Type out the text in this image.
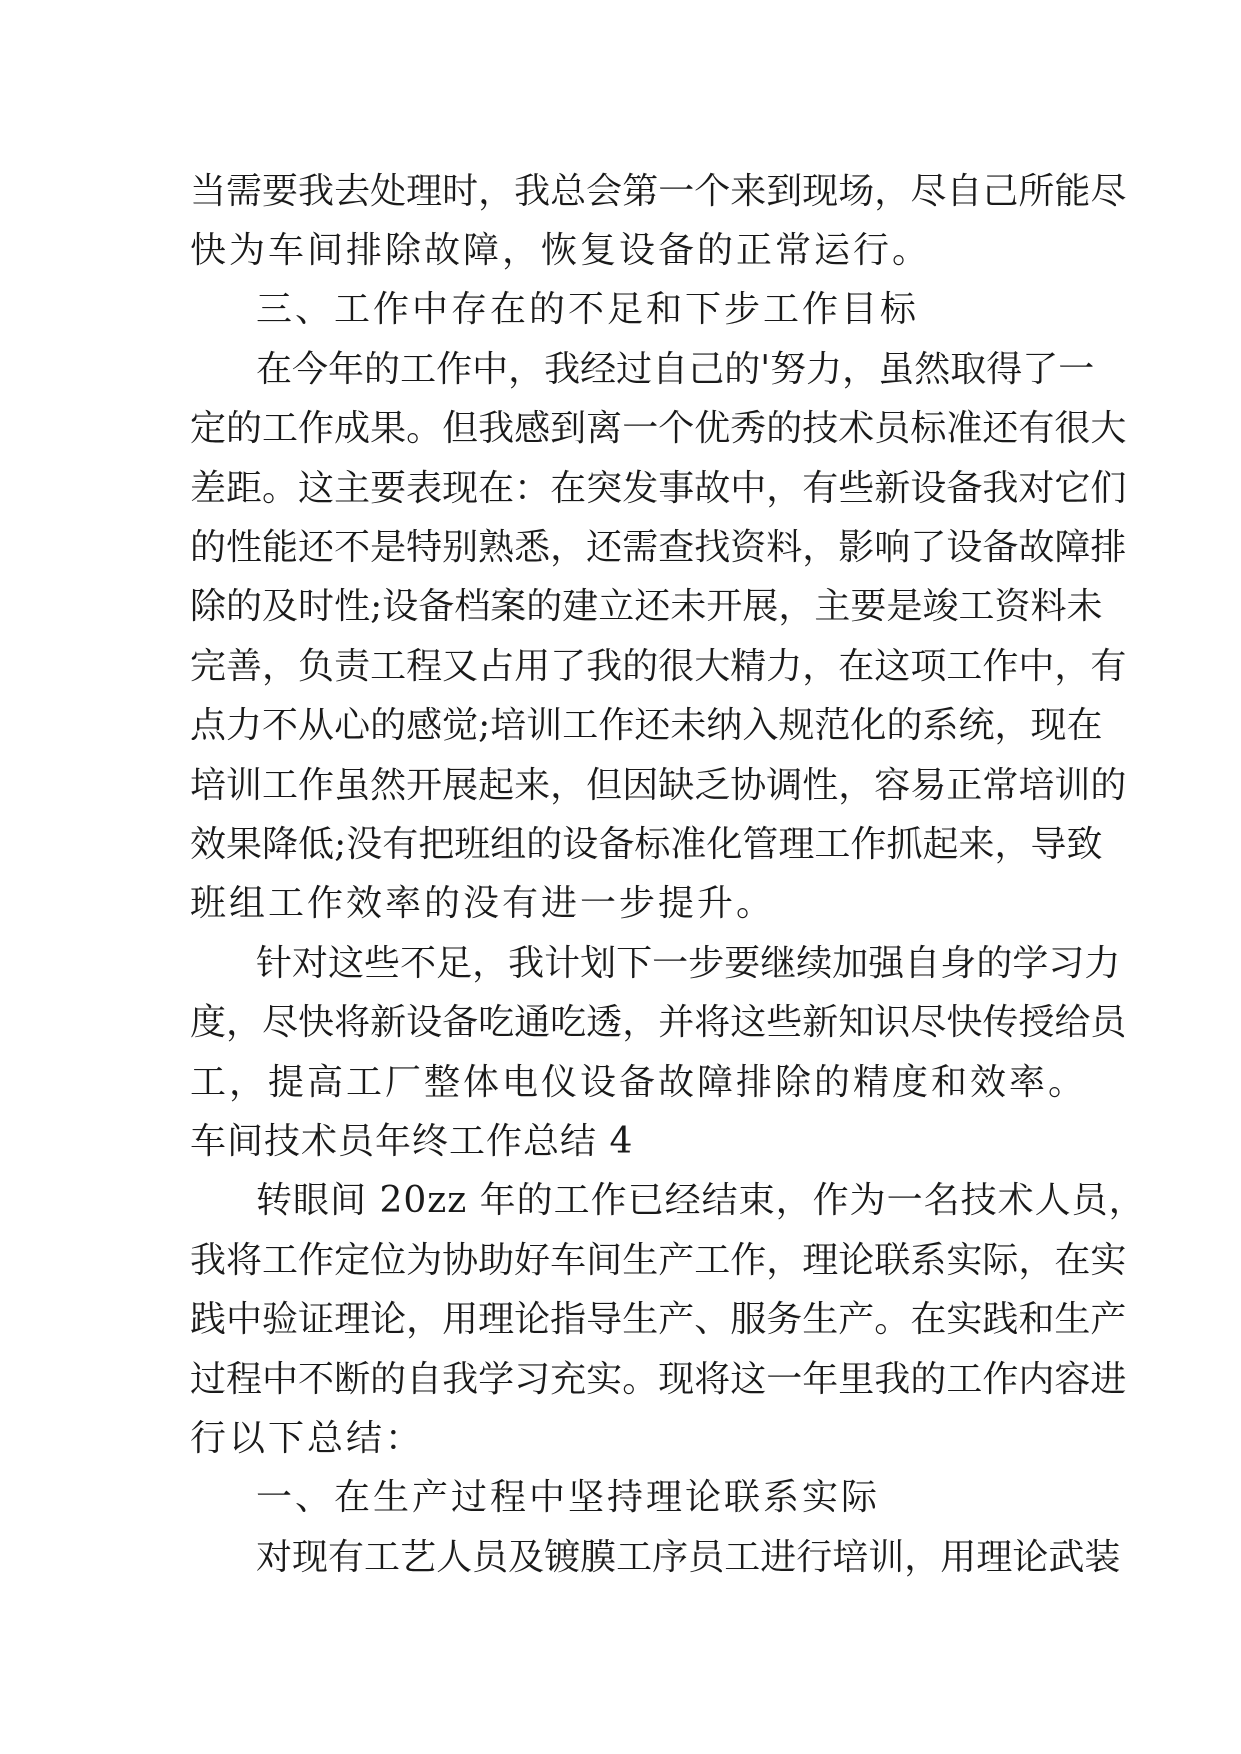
当 需 要 我 去 处 理 时 ， 我 总 会 第 一 个 来 到 现 场 ， 尽 自 己 所 能 尽
快为车间排除故障，恢复设备的正常运行。
三、工作中存在的不足和下步工作目标
在 今 年 的 工 作 中 ， 我 经 过 自 己 的 ' 努 力 ， 虽 然 取 得 了 一
定 的 工 作 成 果 。 但 我 感 到 离 一 个 优 秀 的 技 术 员 标 准 还 有 很 大
差 距 。 这 主 要 表 现 在 ： 在 突 发 事 故 中 ， 有 些 新 设 备 我 对 它 们
的 性 能 还 不 是 特 别 熟 悉 ， 还 需 查 找 资 料 ， 影 响 了 设 备 故 障 排
除 的 及 时 性 ; 设 备 档 案 的 建 立 还 未 开 展 ， 主 要 是 竣 工 资 料 未
完 善 ， 负 责 工 程 又 占 用 了 我 的 很 大 精 力 ， 在 这 项 工 作 中 ， 有
点 力 不 从 心 的 感 觉 ; 培 训 工 作 还 未 纳 入 规 范 化 的 系 统 ， 现 在
培 训 工 作 虽 然 开 展 起 来 ， 但 因 缺 乏 协 调 性 ， 容 易 正 常 培 训 的
效 果 降 低 ; 没 有 把 班 组 的 设 备 标 准 化 管 理 工 作 抓 起 来 ， 导 致
班组工作效率的没有进一步提升。
针 对 这 些 不 足 ， 我 计 划 下 一 步 要 继 续 加 强 自 身 的 学 习 力
度 ， 尽 快 将 新 设 备 吃 通 吃 透 ， 并 将 这 些 新 知 识 尽 快 传 授 给 员
工，提高工厂整体电仪设备故障排除的精度和效率。
车间技术员年终工作总结 4
转眼间 20zz 年的工作已经结束，作为一名技术人员，
我 将 工 作 定 位 为 协 助 好 车 间 生 产 工 作 ， 理 论 联 系 实 际 ， 在 实
践 中 验 证 理 论 ， 用 理 论 指 导 生 产 、 服 务 生 产 。 在 实 践 和 生 产
过 程 中 不 断 的 自 我 学 习 充 实 。 现 将 这 一 年 里 我 的 工 作 内 容 进
行以下总结：
一、在生产过程中坚持理论联系实际
对 现 有 工 艺 人 员 及 镀 膜 工 序 员 工 进 行 培 训 ， 用 理 论 武 装
